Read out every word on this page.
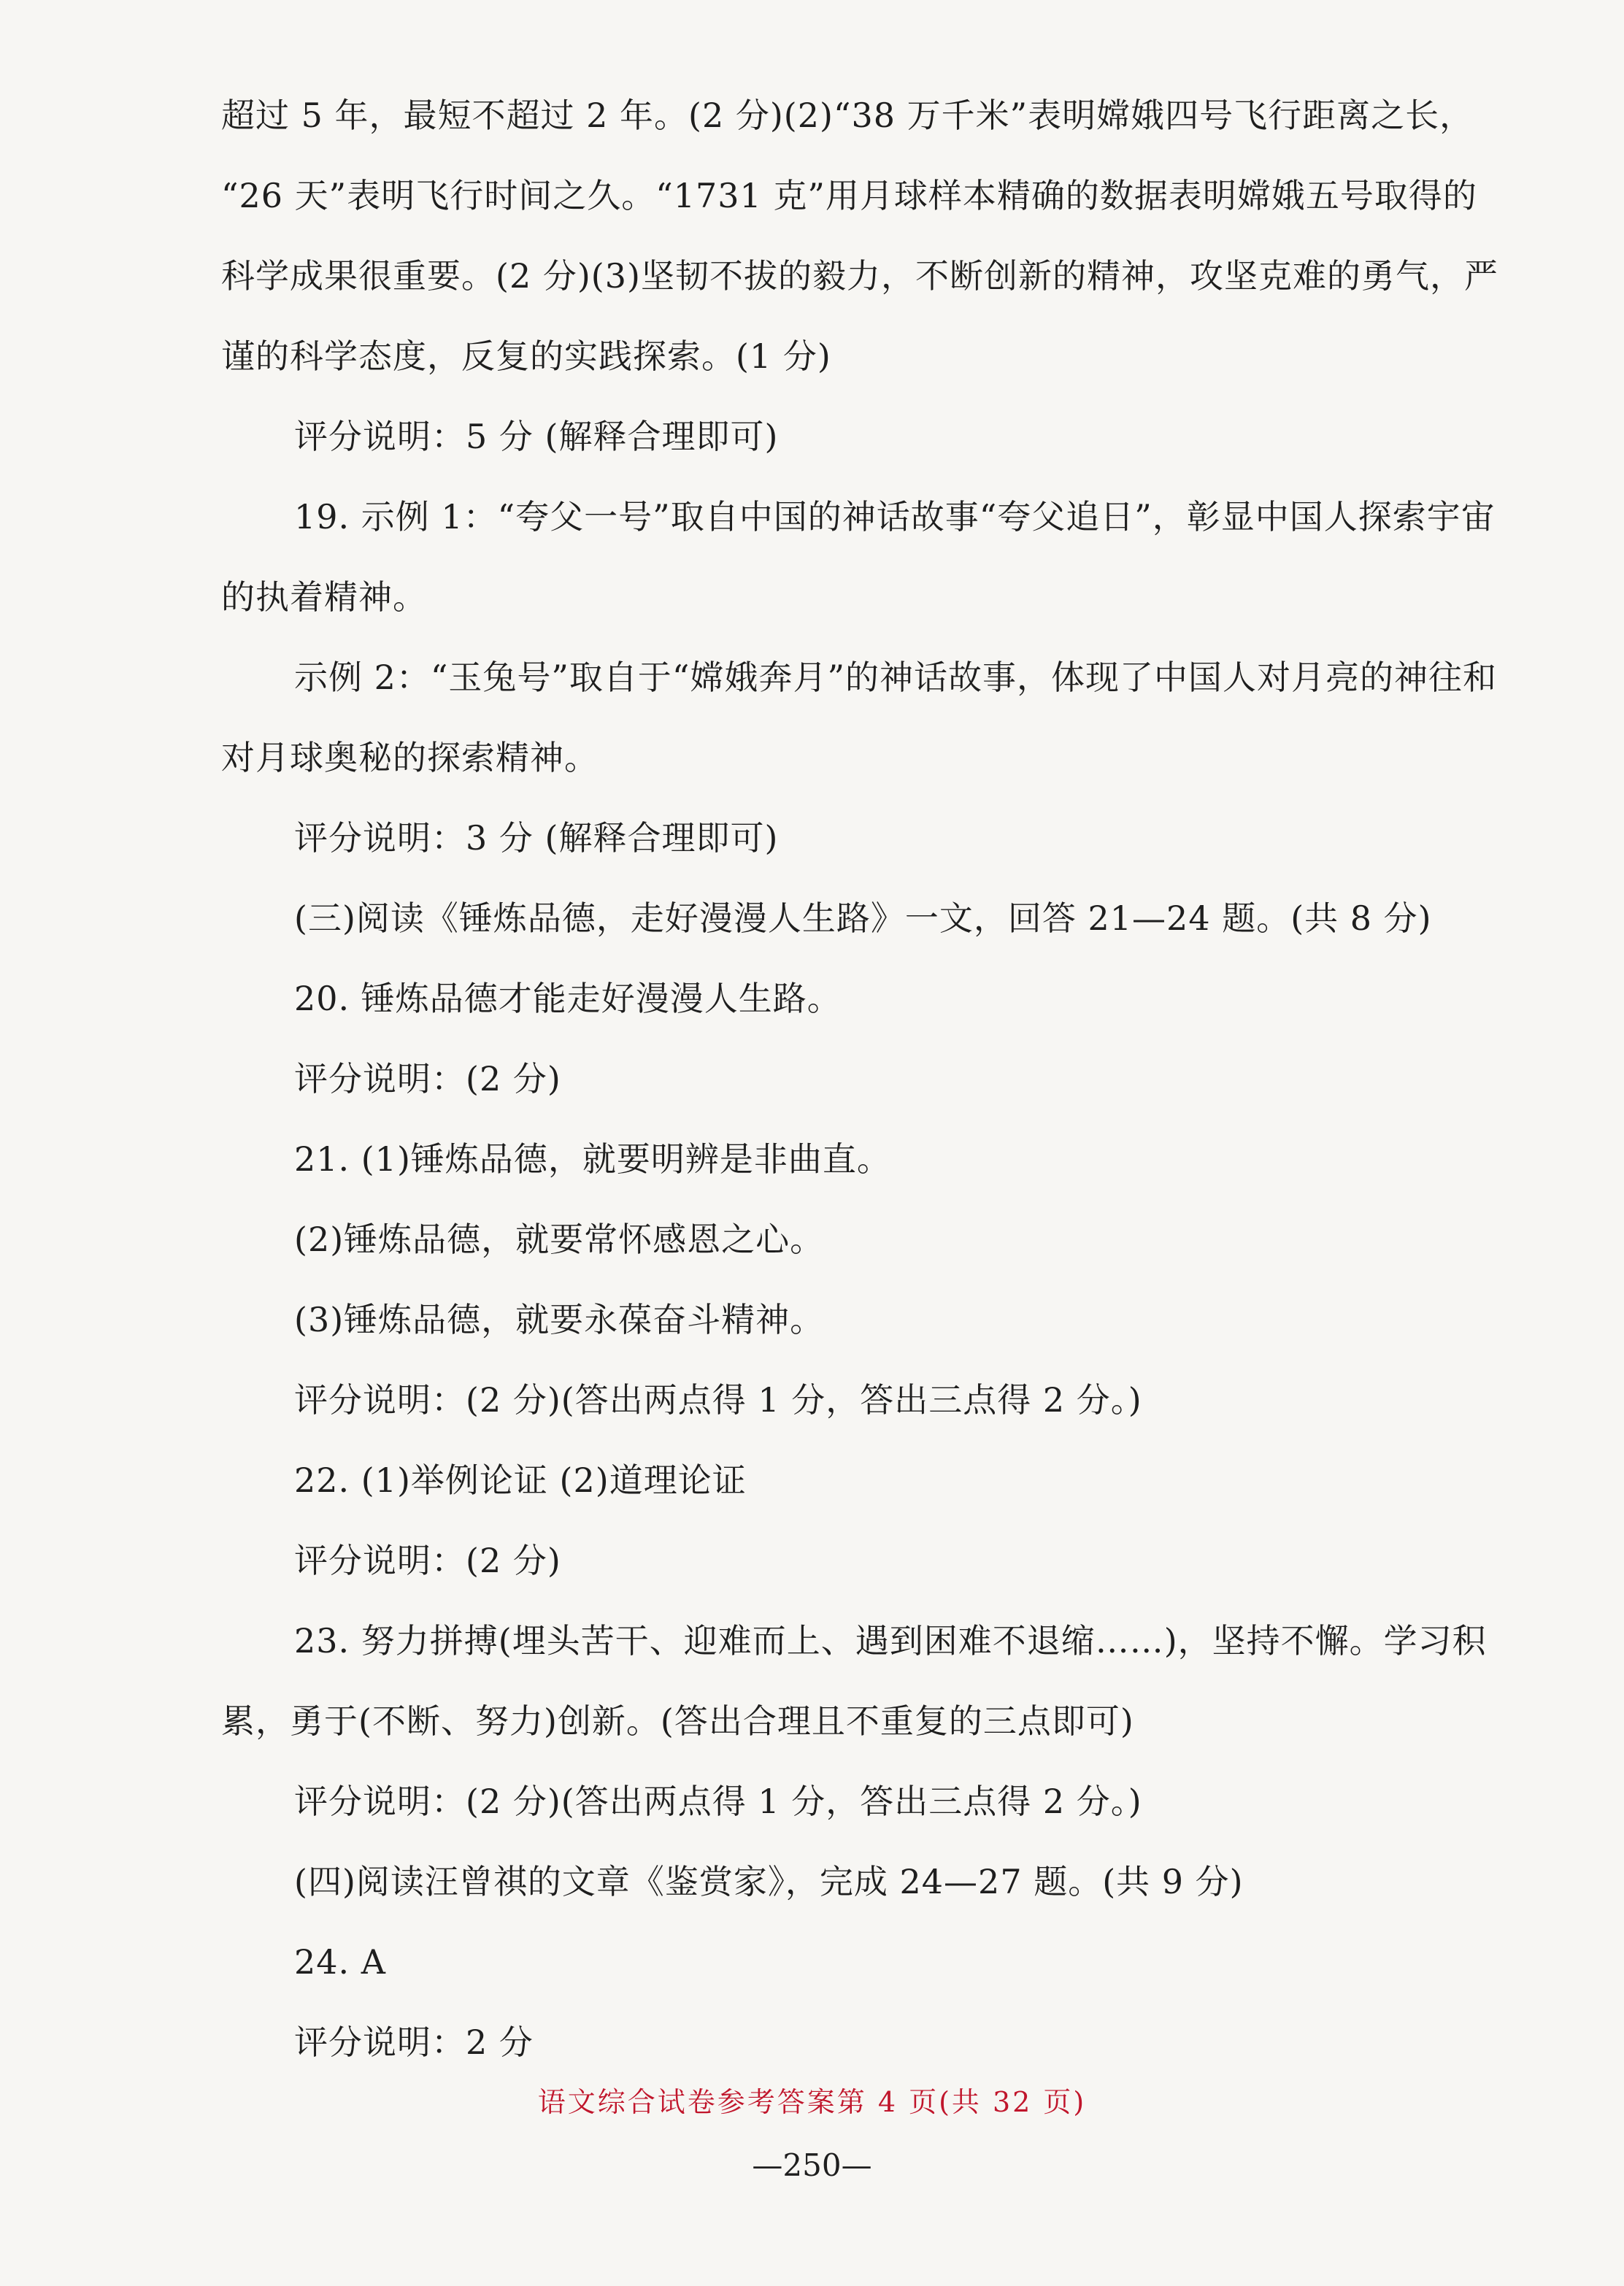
超过 5 年，最短不超过 2 年。(2 分)(2)“38 万千米”表明嫦娥四号飞行距离之长，
“26 天”表明飞行时间之久。“1731 克”用月球样本精确的数据表明嫦娥五号取得的
科学成果很重要。(2 分)(3)坚韧不拔的毅力，不断创新的精神，攻坚克难的勇气，严
谨的科学态度，反复的实践探索。(1 分)
评分说明：5 分 (解释合理即可)
19. 示例 1：“夸父一号”取自中国的神话故事“夸父追日”，彰显中国人探索宇宙
的执着精神。
示例 2：“玉兔号”取自于“嫦娥奔月”的神话故事，体现了中国人对月亮的神往和
对月球奥秘的探索精神。
评分说明：3 分 (解释合理即可)
(三)阅读《锤炼品德，走好漫漫人生路》一文，回答 21—24 题。(共 8 分)
20. 锤炼品德才能走好漫漫人生路。
评分说明：(2 分)
21. (1)锤炼品德，就要明辨是非曲直。
(2)锤炼品德，就要常怀感恩之心。
(3)锤炼品德，就要永葆奋斗精神。
评分说明：(2 分)(答出两点得 1 分，答出三点得 2 分。)
22. (1)举例论证 (2)道理论证
评分说明：(2 分)
23. 努力拼搏(埋头苦干、迎难而上、遇到困难不退缩……)，坚持不懈。学习积
累，勇于(不断、努力)创新。(答出合理且不重复的三点即可)
评分说明：(2 分)(答出两点得 1 分，答出三点得 2 分。)
(四)阅读汪曾祺的文章《鉴赏家》，完成 24—27 题。(共 9 分)
24. A
评分说明：2 分
语文综合试卷参考答案第 4 页(共 32 页)
—250—
